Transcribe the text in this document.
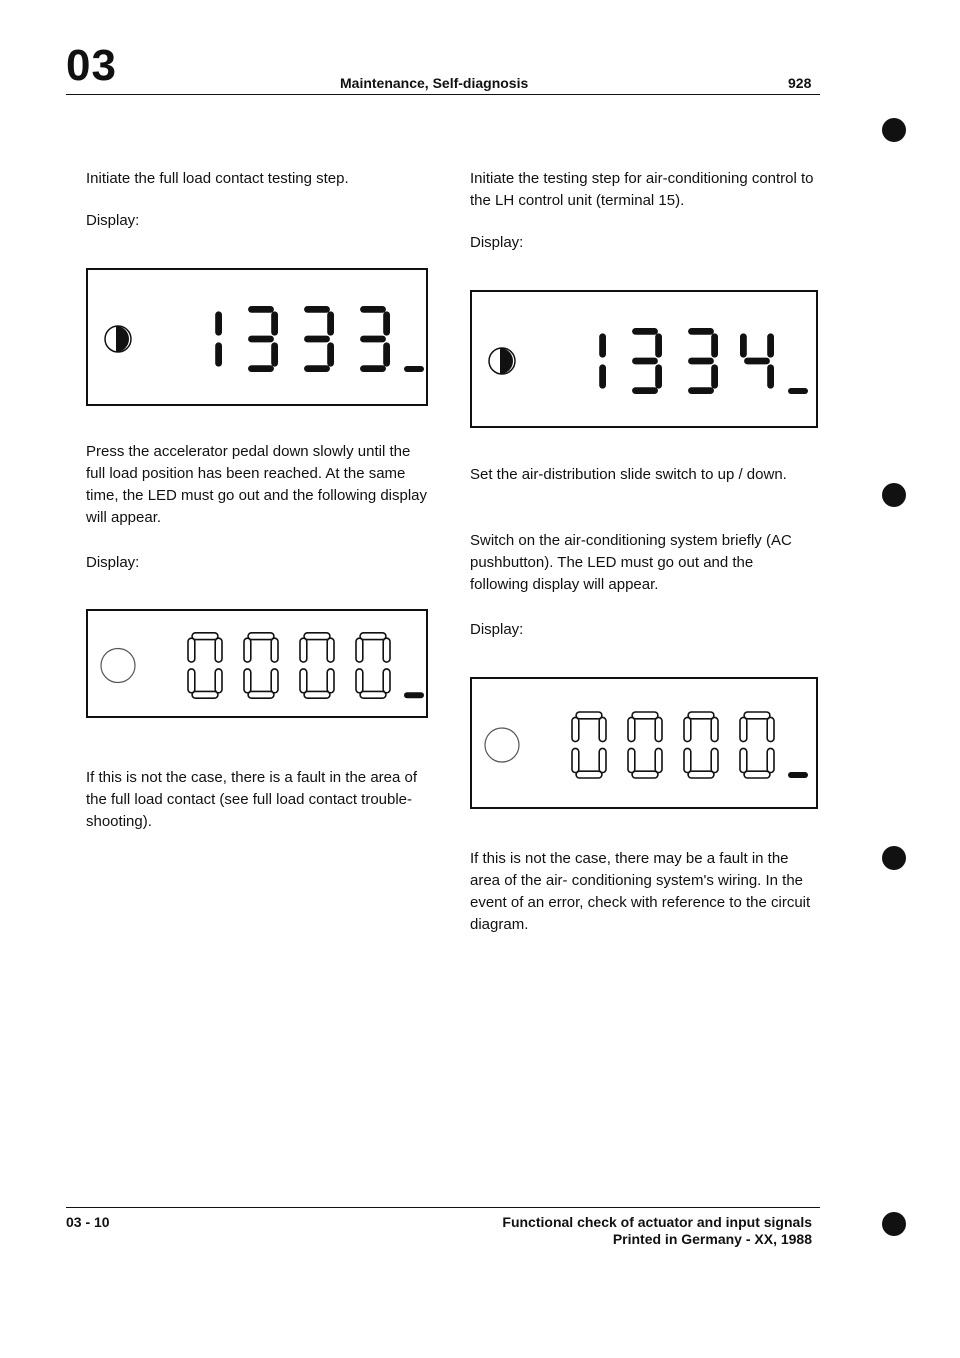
03	Maintenance, Self-diagnosis	928
Initiate the full load contact testing step.
Display:
Press the accelerator pedal down slowly until the full load position has been reached. At the same time, the LED must go out and the following display will appear.
Display:
If this is not the case, there is a fault in the area of the full load contact (see full load contact trouble-shooting).
Initiate the testing step for air-conditioning control to the LH control unit (terminal 15).
Display:
Set the air-distribution slide switch to up / down.
Switch on the air-conditioning system briefly (AC pushbutton). The LED must go out and the following display will appear.
Display:
If this is not the case, there may be a fault in the area of the air- conditioning system's wiring. In the event of an error, check with reference to the circuit diagram.
03 - 10	Functional check of actuator and input signals
Printed in Germany - XX, 1988
